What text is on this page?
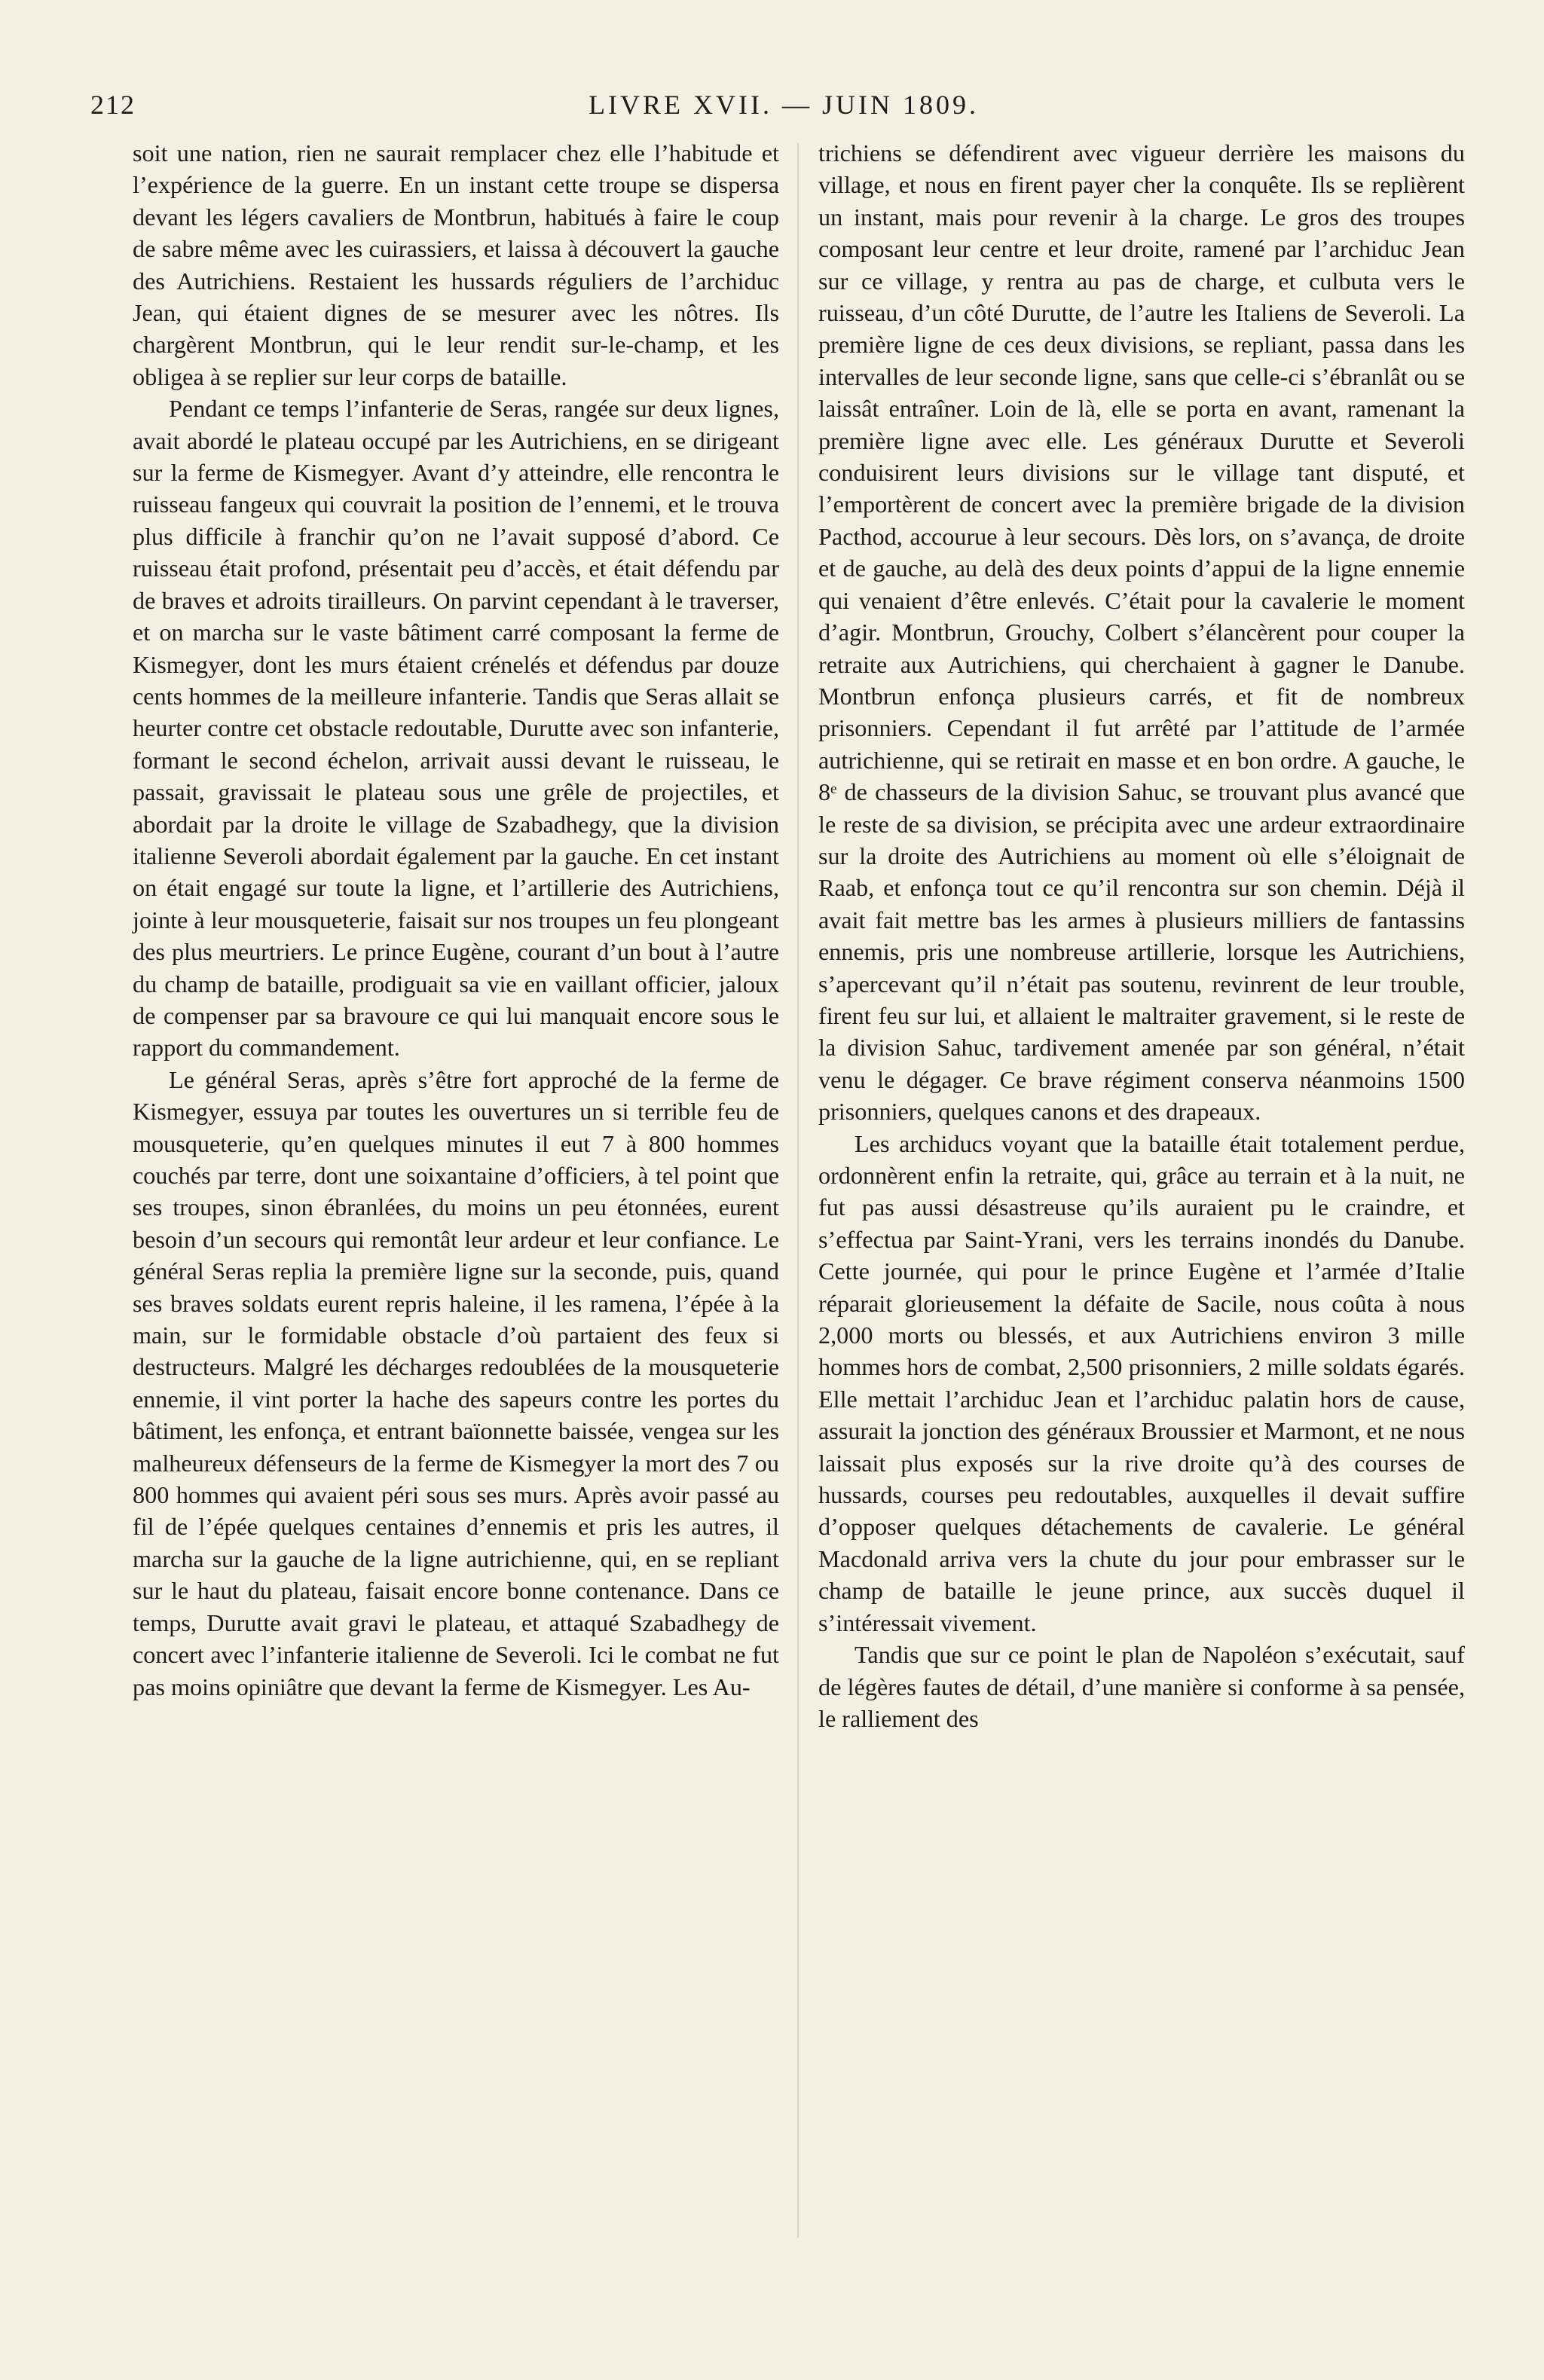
212	LIVRE XVII. — JUIN 1809.

soit une nation, rien ne saurait remplacer chez elle l’habitude et l’expérience de la guerre. En un instant cette troupe se dispersa devant les légers cavaliers de Montbrun, habitués à faire le coup de sabre même avec les cuirassiers, et laissa à découvert la gauche des Autrichiens. Restaient les hussards réguliers de l’archiduc Jean, qui étaient dignes de se mesurer avec les nôtres. Ils chargèrent Montbrun, qui le leur rendit sur-le-champ, et les obligea à se replier sur leur corps de bataille.

Pendant ce temps l’infanterie de Seras, rangée sur deux lignes, avait abordé le plateau occupé par les Autrichiens, en se dirigeant sur la ferme de Kismegyer. Avant d’y atteindre, elle rencontra le ruisseau fangeux qui couvrait la position de l’ennemi, et le trouva plus difficile à franchir qu’on ne l’avait supposé d’abord. Ce ruisseau était profond, présentait peu d’accès, et était défendu par de braves et adroits tirailleurs. On parvint cependant à le traverser, et on marcha sur le vaste bâtiment carré composant la ferme de Kismegyer, dont les murs étaient crénelés et défendus par douze cents hommes de la meilleure infanterie. Tandis que Seras allait se heurter contre cet obstacle redoutable, Durutte avec son infanterie, formant le second échelon, arrivait aussi devant le ruisseau, le passait, gravissait le plateau sous une grêle de projectiles, et abordait par la droite le village de Szabadhegy, que la division italienne Severoli abordait également par la gauche. En cet instant on était engagé sur toute la ligne, et l’artillerie des Autrichiens, jointe à leur mousqueterie, faisait sur nos troupes un feu plongeant des plus meurtriers. Le prince Eugène, courant d’un bout à l’autre du champ de bataille, prodiguait sa vie en vaillant officier, jaloux de compenser par sa bravoure ce qui lui manquait encore sous le rapport du commandement.

Le général Seras, après s’être fort approché de la ferme de Kismegyer, essuya par toutes les ouvertures un si terrible feu de mousqueterie, qu’en quelques minutes il eut 7 à 800 hommes couchés par terre, dont une soixantaine d’officiers, à tel point que ses troupes, sinon ébranlées, du moins un peu étonnées, eurent besoin d’un secours qui remontât leur ardeur et leur confiance. Le général Seras replia la première ligne sur la seconde, puis, quand ses braves soldats eurent repris haleine, il les ramena, l’épée à la main, sur le formidable obstacle d’où partaient des feux si destructeurs. Malgré les décharges redoublées de la mousqueterie ennemie, il vint porter la hache des sapeurs contre les portes du bâtiment, les enfonça, et entrant baïonnette baissée, vengea sur les malheureux défenseurs de la ferme de Kismegyer la mort des 7 ou 800 hommes qui avaient péri sous ses murs. Après avoir passé au fil de l’épée quelques centaines d’ennemis et pris les autres, il marcha sur la gauche de la ligne autrichienne, qui, en se repliant sur le haut du plateau, faisait encore bonne contenance. Dans ce temps, Durutte avait gravi le plateau, et attaqué Szabadhegy de concert avec l’infanterie italienne de Severoli. Ici le combat ne fut pas moins opiniâtre que devant la ferme de Kismegyer. Les Au-

trichiens se défendirent avec vigueur derrière les maisons du village, et nous en firent payer cher la conquête. Ils se replièrent un instant, mais pour revenir à la charge. Le gros des troupes composant leur centre et leur droite, ramené par l’archiduc Jean sur ce village, y rentra au pas de charge, et culbuta vers le ruisseau, d’un côté Durutte, de l’autre les Italiens de Severoli. La première ligne de ces deux divisions, se repliant, passa dans les intervalles de leur seconde ligne, sans que celle-ci s’ébranlât ou se laissât entraîner. Loin de là, elle se porta en avant, ramenant la première ligne avec elle. Les généraux Durutte et Severoli conduisirent leurs divisions sur le village tant disputé, et l’emportèrent de concert avec la première brigade de la division Pacthod, accourue à leur secours. Dès lors, on s’avança, de droite et de gauche, au delà des deux points d’appui de la ligne ennemie qui venaient d’être enlevés. C’était pour la cavalerie le moment d’agir. Montbrun, Grouchy, Colbert s’élancèrent pour couper la retraite aux Autrichiens, qui cherchaient à gagner le Danube. Montbrun enfonça plusieurs carrés, et fit de nombreux prisonniers. Cependant il fut arrêté par l’attitude de l’armée autrichienne, qui se retirait en masse et en bon ordre. A gauche, le 8ᵉ de chasseurs de la division Sahuc, se trouvant plus avancé que le reste de sa division, se précipita avec une ardeur extraordinaire sur la droite des Autrichiens au moment où elle s’éloignait de Raab, et enfonça tout ce qu’il rencontra sur son chemin. Déjà il avait fait mettre bas les armes à plusieurs milliers de fantassins ennemis, pris une nombreuse artillerie, lorsque les Autrichiens, s’apercevant qu’il n’était pas soutenu, revinrent de leur trouble, firent feu sur lui, et allaient le maltraiter gravement, si le reste de la division Sahuc, tardivement amenée par son général, n’était venu le dégager. Ce brave régiment conserva néanmoins 1500 prisonniers, quelques canons et des drapeaux.

Les archiducs voyant que la bataille était totalement perdue, ordonnèrent enfin la retraite, qui, grâce au terrain et à la nuit, ne fut pas aussi désastreuse qu’ils auraient pu le craindre, et s’effectua par Saint-Yrani, vers les terrains inondés du Danube. Cette journée, qui pour le prince Eugène et l’armée d’Italie réparait glorieusement la défaite de Sacile, nous coûta à nous 2,000 morts ou blessés, et aux Autrichiens environ 3 mille hommes hors de combat, 2,500 prisonniers, 2 mille soldats égarés. Elle mettait l’archiduc Jean et l’archiduc palatin hors de cause, assurait la jonction des généraux Broussier et Marmont, et ne nous laissait plus exposés sur la rive droite qu’à des courses de hussards, courses peu redoutables, auxquelles il devait suffire d’opposer quelques détachements de cavalerie. Le général Macdonald arriva vers la chute du jour pour embrasser sur le champ de bataille le jeune prince, aux succès duquel il s’intéressait vivement.

Tandis que sur ce point le plan de Napoléon s’exécutait, sauf de légères fautes de détail, d’une manière si conforme à sa pensée, le ralliement des
